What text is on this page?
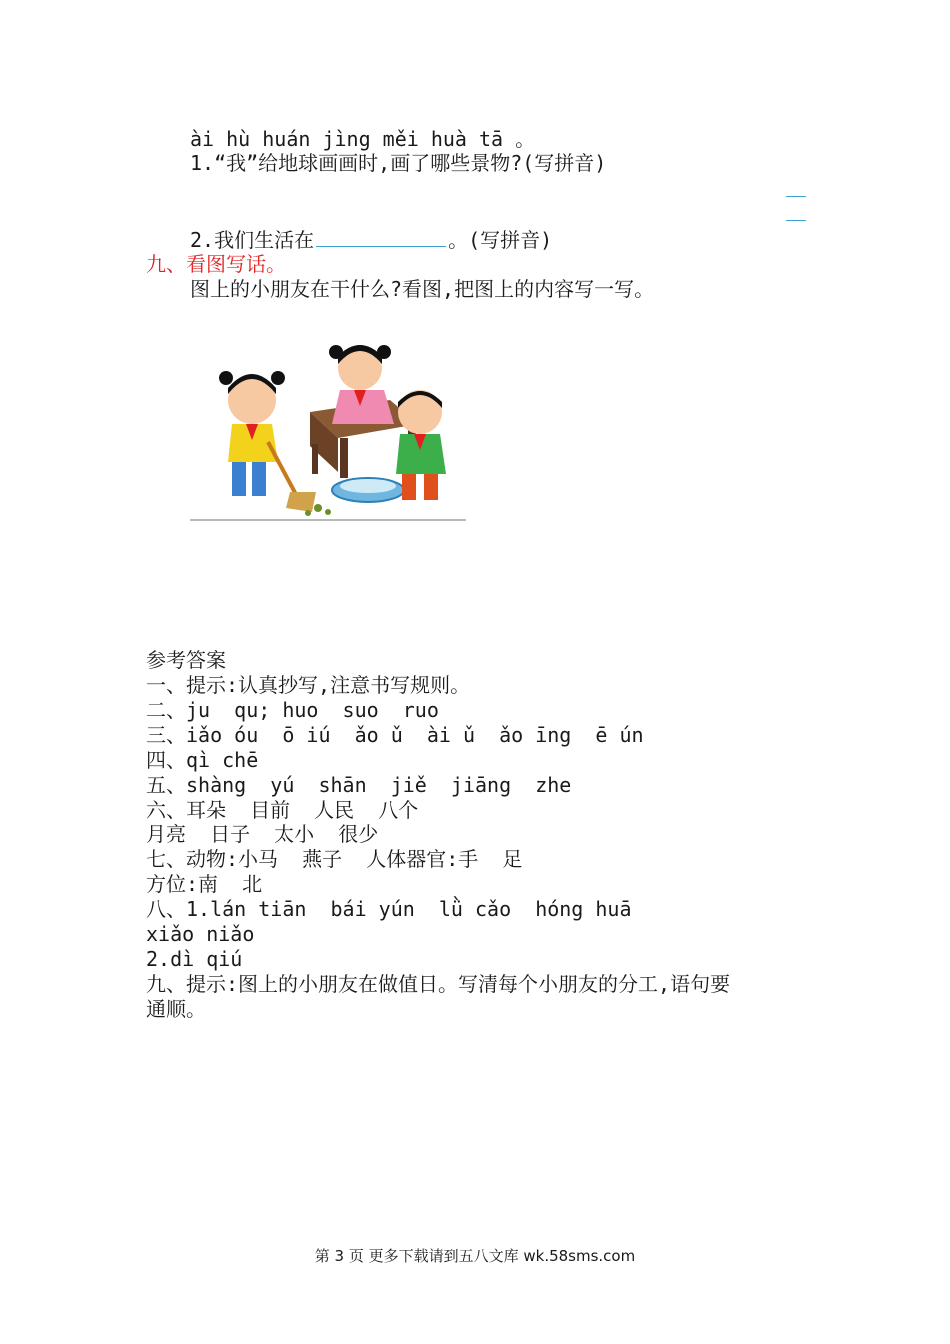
ài hù huán jìng měi huà tā 。
1.“我”给地球画画时,画了哪些景物?(写拼音)
2.我们生活在	。(写拼音)
九、看图写话。
图上的小朋友在干什么?看图,把图上的内容写一写。
参考答案
一、提示:认真抄写,注意书写规则。
二、ju  qu; huo  suo  ruo
三、iǎo óu  ō iú  ǎo ǔ  ài ǔ  ǎo īng  ē ún
四、qì chē
五、shàng  yú  shān  jiě  jiāng  zhe
六、耳朵  目前  人民  八个
月亮  日子  太小  很少
七、动物:小马  燕子  人体器官:手  足
方位:南  北
八、1.lán tiān  bái yún  lǜ cǎo  hóng huā
xiǎo niǎo
2.dì qiú
九、提示:图上的小朋友在做值日。写清每个小朋友的分工,语句要
通顺。
第 3 页 更多下载请到五八文库 wk.58sms.com
